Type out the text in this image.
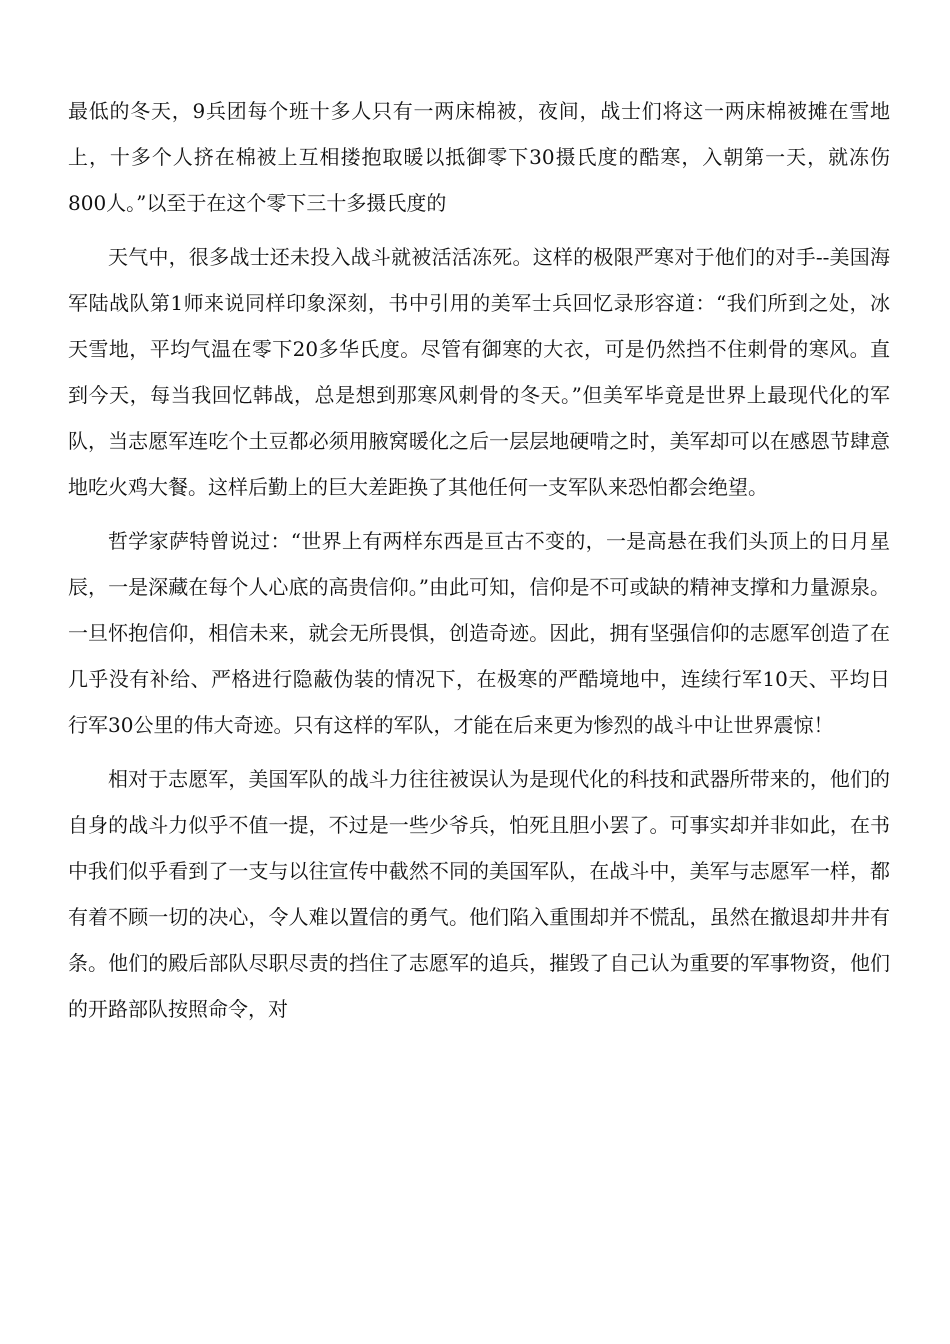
最低的冬天，9兵团每个班十多人只有一两床棉被，夜间，战士们将这一两床棉被摊在雪地上，十多个人挤在棉被上互相搂抱取暖以抵御零下30摄氏度的酷寒，入朝第一天，就冻伤800人。”以至于在这个零下三十多摄氏度的

天气中，很多战士还未投入战斗就被活活冻死。这样的极限严寒对于他们的对手--美国海军陆战队第1师来说同样印象深刻，书中引用的美军士兵回忆录形容道：“我们所到之处，冰天雪地，平均气温在零下20多华氏度。尽管有御寒的大衣，可是仍然挡不住刺骨的寒风。直到今天，每当我回忆韩战，总是想到那寒风刺骨的冬天。”但美军毕竟是世界上最现代化的军队，当志愿军连吃个土豆都必须用腋窝暖化之后一层层地硬啃之时，美军却可以在感恩节肆意地吃火鸡大餐。这样后勤上的巨大差距换了其他任何一支军队来恐怕都会绝望。

哲学家萨特曾说过：“世界上有两样东西是亘古不变的，一是高悬在我们头顶上的日月星辰，一是深藏在每个人心底的高贵信仰。”由此可知，信仰是不可或缺的精神支撑和力量源泉。一旦怀抱信仰，相信未来，就会无所畏惧，创造奇迹。因此，拥有坚强信仰的志愿军创造了在几乎没有补给、严格进行隐蔽伪装的情况下，在极寒的严酷境地中，连续行军10天、平均日行军30公里的伟大奇迹。只有这样的军队，才能在后来更为惨烈的战斗中让世界震惊！

相对于志愿军，美国军队的战斗力往往被误认为是现代化的科技和武器所带来的，他们的自身的战斗力似乎不值一提，不过是一些少爷兵，怕死且胆小罢了。可事实却并非如此，在书中我们似乎看到了一支与以往宣传中截然不同的美国军队，在战斗中，美军与志愿军一样，都有着不顾一切的决心，令人难以置信的勇气。他们陷入重围却并不慌乱，虽然在撤退却井井有条。他们的殿后部队尽职尽责的挡住了志愿军的追兵，摧毁了自己认为重要的军事物资，他们的开路部队按照命令，对
